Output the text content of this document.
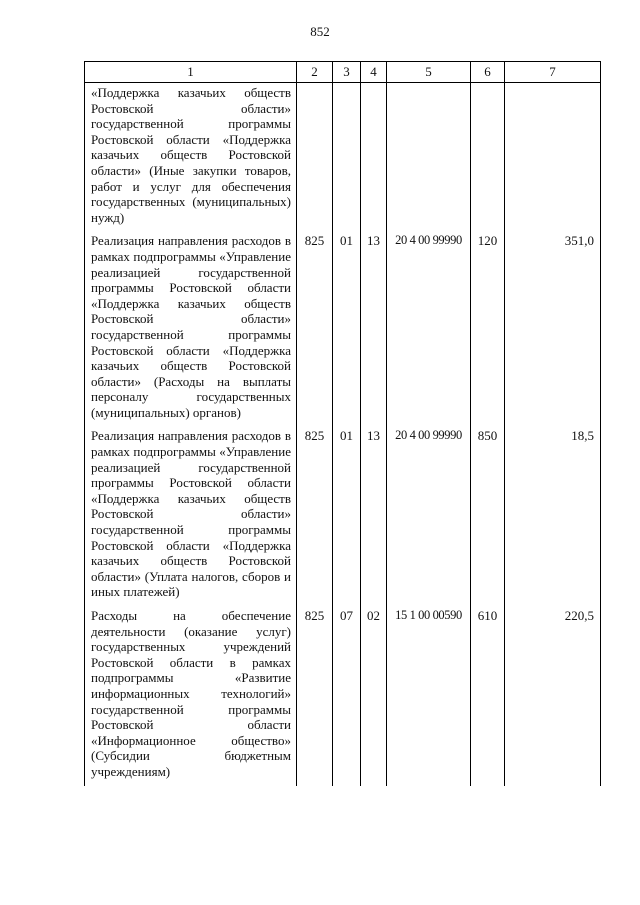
852
1	2	3	4	5	6	7
«Поддержка казачьих обществ Ростовской области» государственной программы Ростовской области «Поддержка казачьих обществ Ростовской области» (Иные закупки товаров, работ и услуг для обеспечения государственных (муниципальных) нужд)						
Реализация направления расходов в рамках подпрограммы «Управление реализацией государственной программы Ростовской области «Поддержка казачьих обществ Ростовской области» государственной программы Ростовской области «Поддержка казачьих обществ Ростовской области» (Расходы на выплаты персоналу государственных (муниципальных) органов)	825	01	13	20 4 00 99990	120	351,0
Реализация направления расходов в рамках подпрограммы «Управление реализацией государственной программы Ростовской области «Поддержка казачьих обществ Ростовской области» государственной программы Ростовской области «Поддержка казачьих обществ Ростовской области» (Уплата налогов, сборов и иных платежей)	825	01	13	20 4 00 99990	850	18,5
Расходы на обеспечение деятельности (оказание услуг) государственных учреждений Ростовской области в рамках подпрограммы «Развитие информационных технологий» государственной программы Ростовской области «Информационное общество» (Субсидии бюджетным учреждениям)	825	07	02	15 1 00 00590	610	220,5
